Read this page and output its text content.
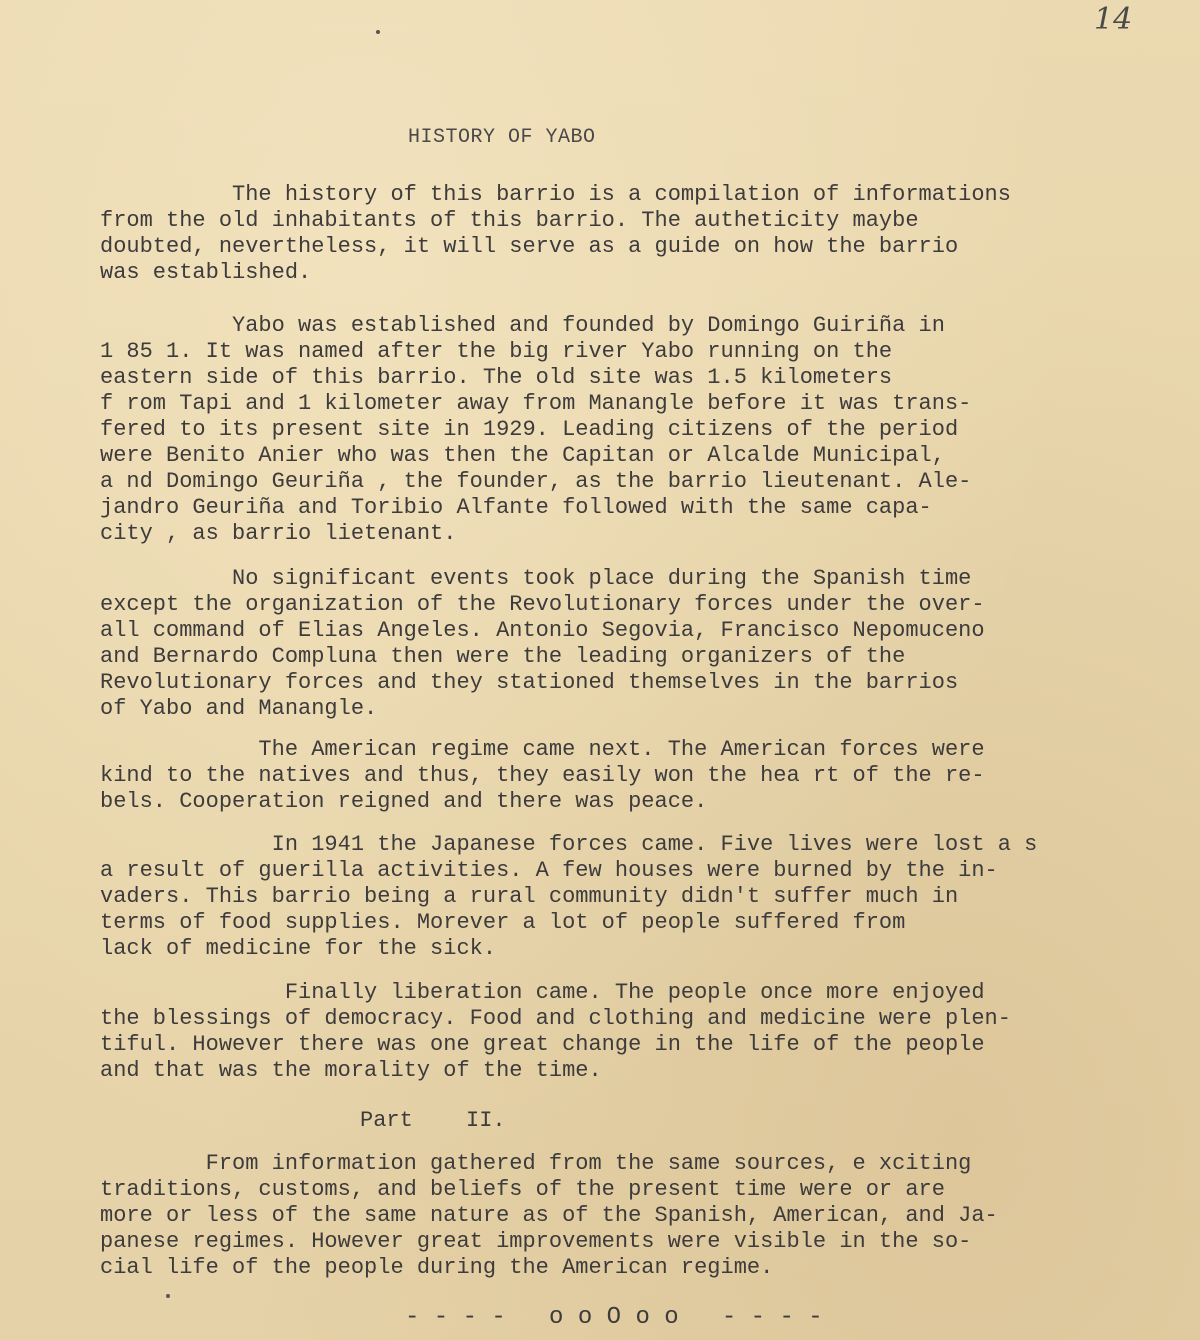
14
HISTORY OF YABO

The history of this barrio is a compilation of informations
from the old inhabitants of this barrio. The autheticity maybe
doubted, nevertheless, it will serve as a guide on how the barrio
was established.

Yabo was established and founded by Domingo Guiriña in
1 85 1. It was named after the big river Yabo running on the
eastern side of this barrio. The old site was 1.5 kilometers
f rom Tapi and 1 kilometer away from Manangle before it was trans-
fered to its present site in 1929. Leading citizens of the period
were Benito Anier who was then the Capitan or Alcalde Municipal,
a nd Domingo Geuriña , the founder, as the barrio lieutenant. Ale-
jandro Geuriña and Toribio Alfante followed with the same capa-
city , as barrio lietenant.

No significant events took place during the Spanish time
except the organization of the Revolutionary forces under the over-
all command of Elias Angeles. Antonio Segovia, Francisco Nepomuceno
and Bernardo Compluna then were the leading organizers of the
Revolutionary forces and they stationed themselves in the barrios
of Yabo and Manangle.

The American regime came next. The American forces were
kind to the natives and thus, they easily won the hea rt of the re-
bels. Cooperation reigned and there was peace.

In 1941 the Japanese forces came. Five lives were lost a s
a result of guerilla activities. A few houses were burned by the in-
vaders. This barrio being a rural community didn't suffer much in
terms of food supplies. Morever a lot of people suffered from
lack of medicine for the sick.

Finally liberation came. The people once more enjoyed
the blessings of democracy. Food and clothing and medicine were plen-
tiful. However there was one great change in the life of the people
and that was the morality of the time.

Part II.

From information gathered from the same sources, e xciting
traditions, customs, and beliefs of the present time were or are
more or less of the same nature as of the Spanish, American, and Ja-
panese regimes. However great improvements were visible in the so-
cial life of the people during the American regime.

- - - -   o o O o o   - - - -
